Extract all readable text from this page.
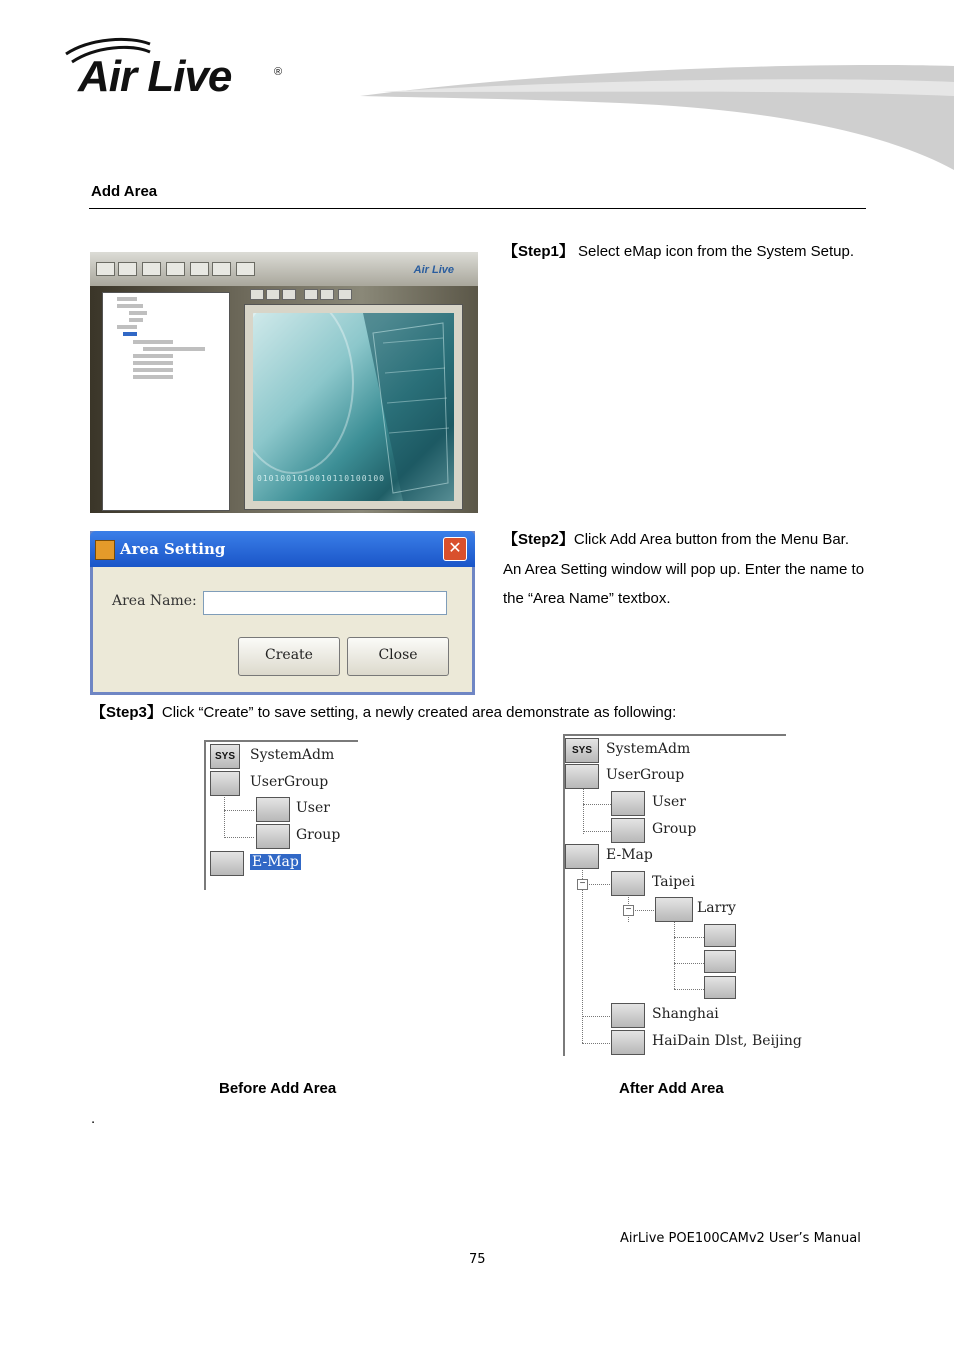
Air Live	®
Add Area
Air Live
0101001010010110100100
【Step1】 Select eMap icon from the System Setup.
Area Setting	✕
Area Name:
Create	Close
【Step2】Click Add Area button from the Menu Bar. An Area Setting window will pop up. Enter the name to the “Area Name” textbox.
【Step3】Click “Create” to save setting, a newly created area demonstrate as following:
SYS	SystemAdm
UserGroup
User
Group
E-Map
−
−
SYS	SystemAdm
UserGroup
User
Group
E-Map
Taipei
Larry
Shanghai
HaiDain Dlst, Beijing
Before Add Area	After Add Area
.
AirLive POE100CAMv2 User’s Manual
75
